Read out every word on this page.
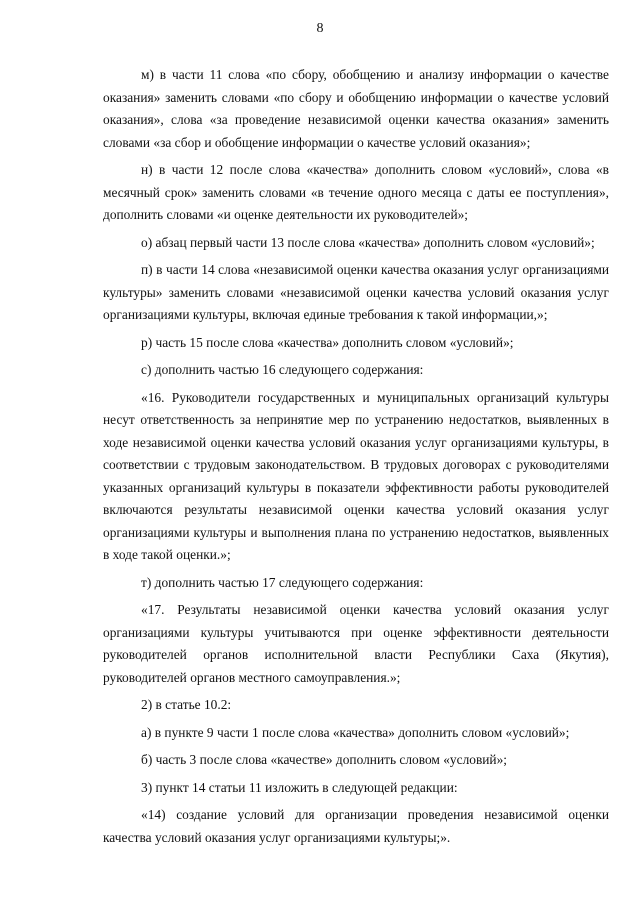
8

м) в части 11 слова «по сбору, обобщению и анализу информации о качестве оказания» заменить словами «по сбору и обобщению информации о качестве условий оказания», слова «за проведение независимой оценки качества оказания» заменить словами «за сбор и обобщение информации о качестве условий оказания»;

н) в части 12 после слова «качества» дополнить словом «условий», слова «в месячный срок» заменить словами «в течение одного месяца с даты ее поступления», дополнить словами «и оценке деятельности их руководителей»;

о) абзац первый части 13 после слова «качества» дополнить словом «условий»;

п) в части 14 слова «независимой оценки качества оказания услуг организациями культуры» заменить словами «независимой оценки качества условий оказания услуг организациями культуры, включая единые требования к такой информации,»;

р) часть 15 после слова «качества» дополнить словом «условий»;

с) дополнить частью 16 следующего содержания:

«16. Руководители государственных и муниципальных организаций культуры несут ответственность за непринятие мер по устранению недостатков, выявленных в ходе независимой оценки качества условий оказания услуг организациями культуры, в соответствии с трудовым законодательством. В трудовых договорах с руководителями указанных организаций культуры в показатели эффективности работы руководителей включаются результаты независимой оценки качества условий оказания услуг организациями культуры и выполнения плана по устранению недостатков, выявленных в ходе такой оценки.»;

т) дополнить частью 17 следующего содержания:

«17. Результаты независимой оценки качества условий оказания услуг организациями культуры учитываются при оценке эффективности деятельности руководителей органов исполнительной власти Республики Саха (Якутия), руководителей органов местного самоуправления.»;

2) в статье 10.2:

а) в пункте 9 части 1 после слова «качества» дополнить словом «условий»;

б) часть 3 после слова «качестве» дополнить словом «условий»;

3) пункт 14 статьи 11 изложить в следующей редакции:

«14) создание условий для организации проведения независимой оценки качества условий оказания услуг организациями культуры;».
